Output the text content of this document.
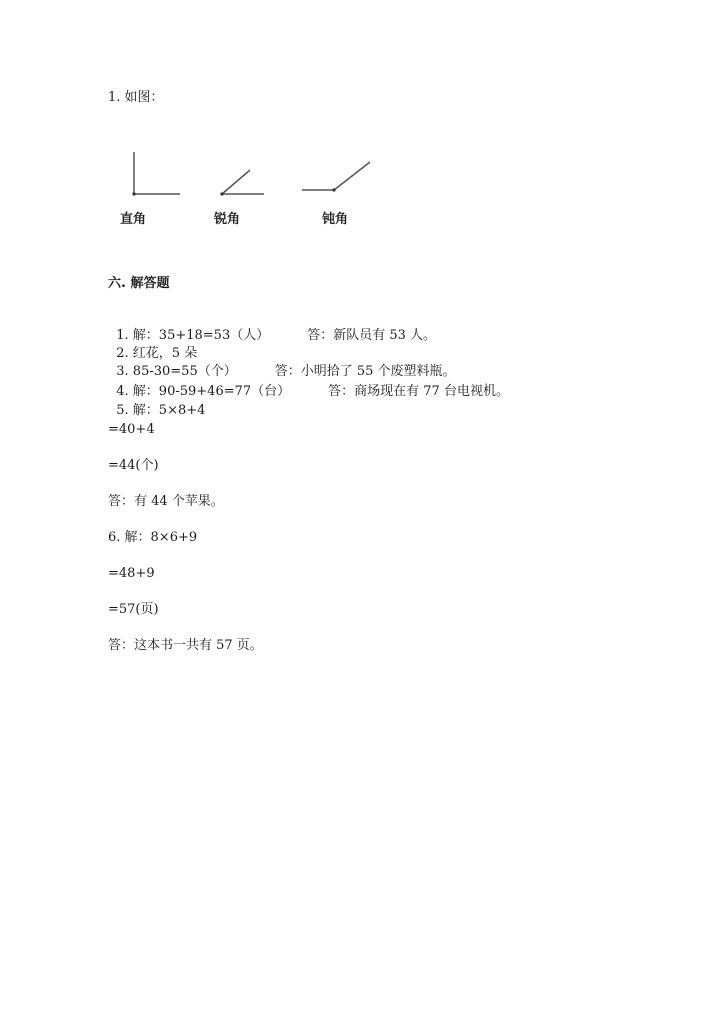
1. 如图：
直角	锐角	钝角
六. 解答题

1. 解：35+18=53（人）	答：新队员有 53 人。

2. 红花，5 朵

3. 85-30=55（个）	答：小明拾了 55 个废塑料瓶。

4. 解：90-59+46=77（台）	答：商场现在有 77 台电视机。

5. 解：5×8+4

=40+4
=44(个)
答：有 44 个苹果。
6. 解：8×6+9
=48+9
=57(页)
答：这本书一共有 57 页。
